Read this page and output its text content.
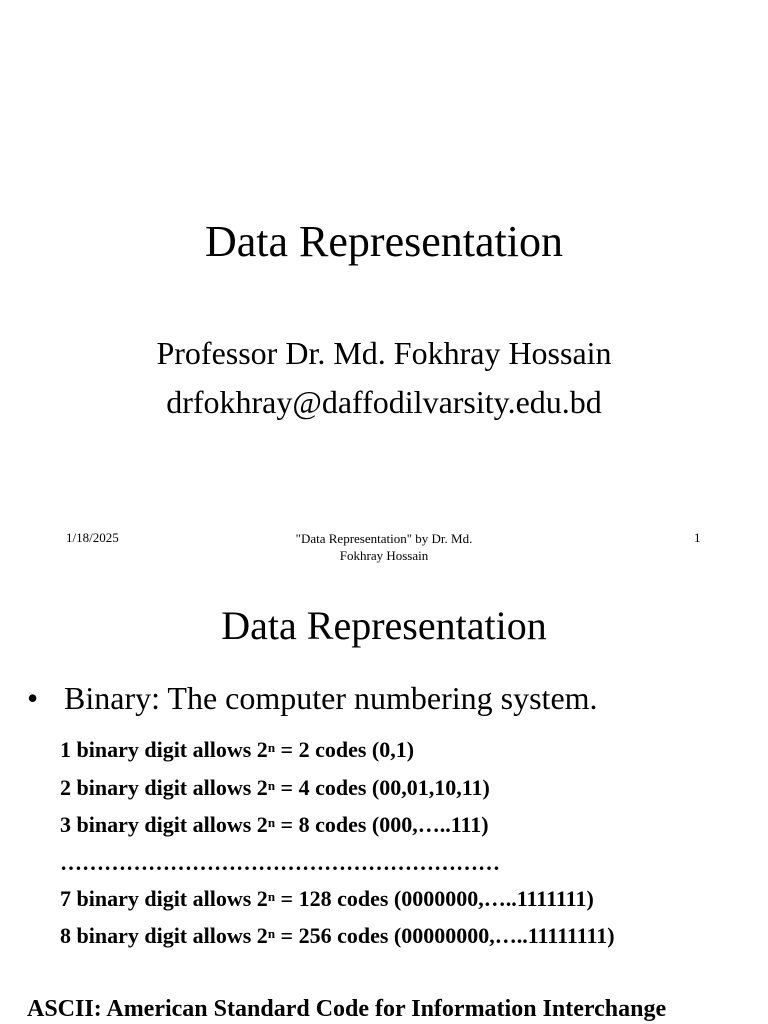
Data Representation
Professor Dr. Md. Fokhray Hossain
drfokhray@daffodilvarsity.edu.bd
1/18/2025	"Data Representation" by Dr. Md.
Fokhray Hossain
1
Data Representation
• Binary: The computer numbering system.
1 binary digit allows $2^n = 2$ codes (0,1)
2 binary digit allows $2^n = 4$ codes (00,01,10,11)
3 binary digit allows $2^n = 8$ codes (000,…..111)
……………………………………………………
7 binary digit allows $2^n = 128$ codes (0000000,…..1111111)
8 binary digit allows $2^n = 256$ codes (00000000,…..11111111)
ASCII: American Standard Code for Information Interchange
